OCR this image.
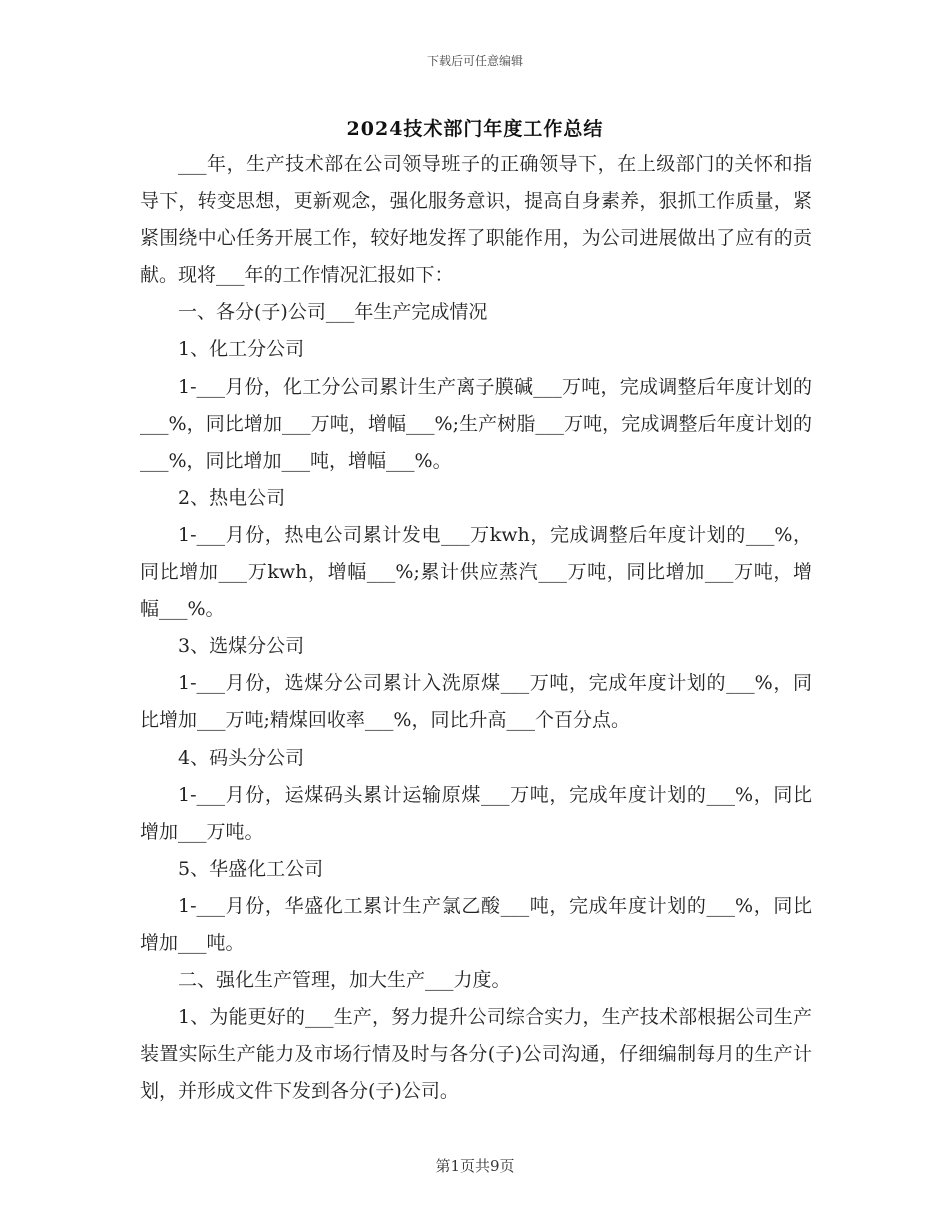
下载后可任意编辑
2024技术部门年度工作总结

___年，生产技术部在公司领导班子的正确领导下，在上级部门的关怀和指导下，转变思想，更新观念，强化服务意识，提高自身素养，狠抓工作质量，紧紧围绕中心任务开展工作，较好地发挥了职能作用，为公司进展做出了应有的贡献。现将___年的工作情况汇报如下：

一、各分(子)公司___年生产完成情况

1、化工分公司

1-___月份，化工分公司累计生产离子膜碱___万吨，完成调整后年度计划的___%，同比增加___万吨，增幅___%;生产树脂___万吨，完成调整后年度计划的___%，同比增加___吨，增幅___%。

2、热电公司

1-___月份，热电公司累计发电___万kwh，完成调整后年度计划的___%，同比增加___万kwh，增幅___%;累计供应蒸汽___万吨，同比增加___万吨，增幅___%。

3、选煤分公司

1-___月份，选煤分公司累计入洗原煤___万吨，完成年度计划的___%，同比增加___万吨;精煤回收率___%，同比升高___个百分点。

4、码头分公司

1-___月份，运煤码头累计运输原煤___万吨，完成年度计划的___%，同比增加___万吨。

5、华盛化工公司

1-___月份，华盛化工累计生产氯乙酸___吨，完成年度计划的___%，同比增加___吨。

二、强化生产管理，加大生产___力度。

1、为能更好的___生产，努力提升公司综合实力，生产技术部根据公司生产装置实际生产能力及市场行情及时与各分(子)公司沟通，仔细编制每月的生产计划，并形成文件下发到各分(子)公司。

第1页共9页
